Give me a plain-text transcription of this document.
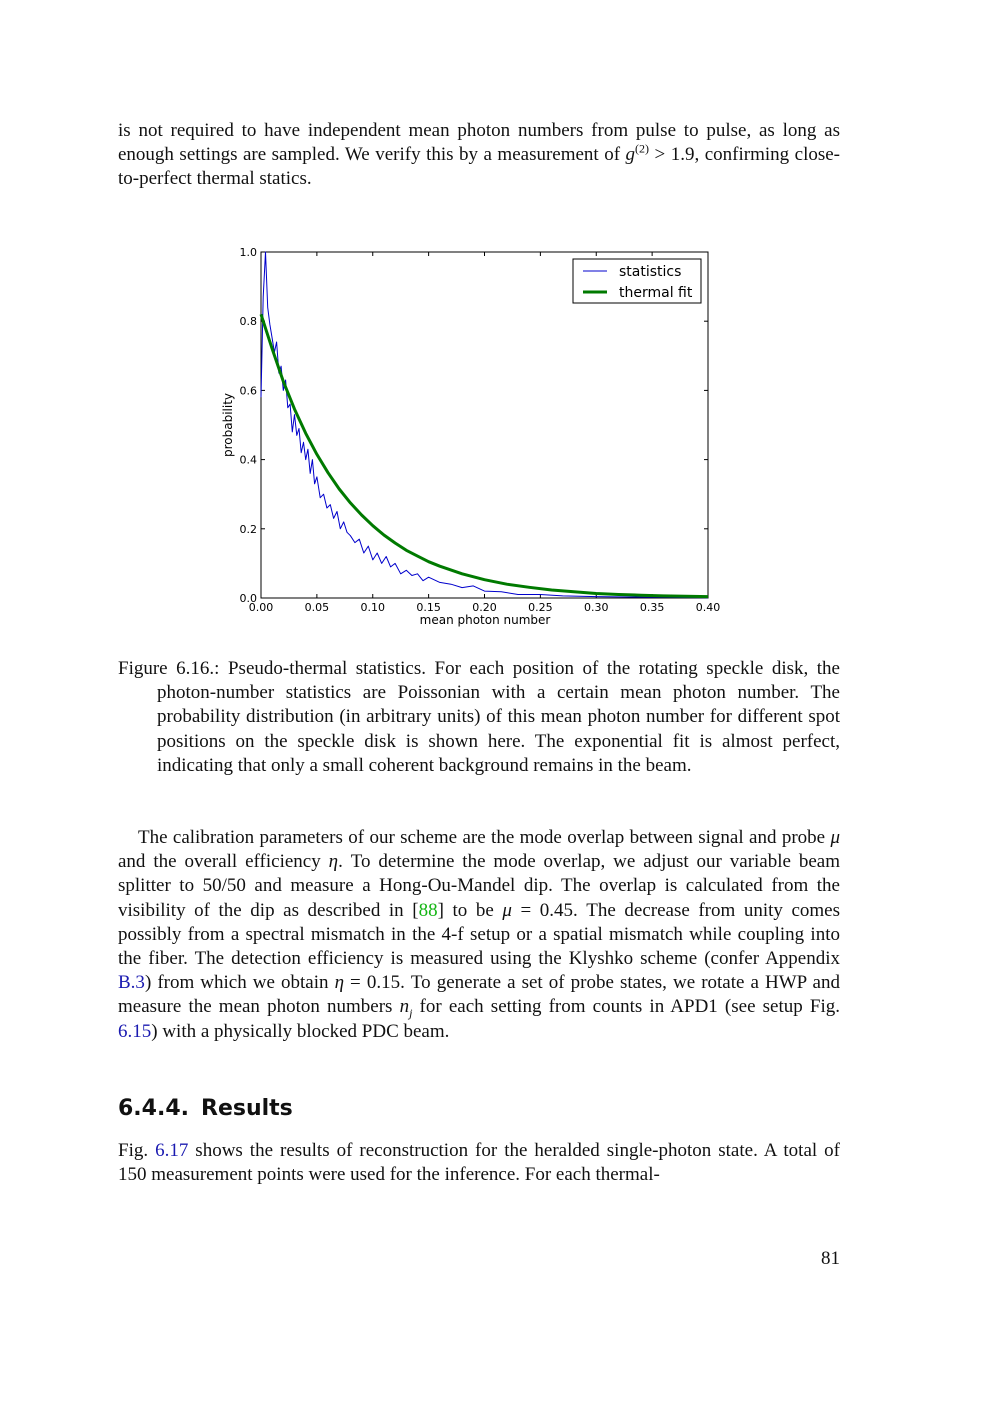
is not required to have independent mean photon numbers from pulse to pulse, as long as enough settings are sampled. We verify this by a measurement of $g^{(2)} > 1.9$, confirming close-to-perfect thermal statics.

0.00	0.05	0.10	0.15	0.20	0.25	0.30	0.35	0.40
0.0
0.2
0.4
0.6
0.8
1.0
statistics
thermal fit
mean photon number
probability

Figure 6.16.: Pseudo-thermal statistics. For each position of the rotating speckle disk, the photon-number statistics are Poissonian with a certain mean photon number. The probability distribution (in arbitrary units) of this mean photon number for different spot positions on the speckle disk is shown here. The exponential fit is almost perfect, indicating that only a small coherent background remains in the beam.

The calibration parameters of our scheme are the mode overlap between signal and probe μ and the overall efficiency η. To determine the mode overlap, we adjust our variable beam splitter to 50/50 and measure a Hong-Ou-Mandel dip. The overlap is calculated from the visibility of the dip as described in [88] to be μ = 0.45. The decrease from unity comes possibly from a spectral mismatch in the 4-f setup or a spatial mismatch while coupling into the fiber. The detection efficiency is measured using the Klyshko scheme (confer Appendix B.3) from which we obtain η = 0.15. To generate a set of probe states, we rotate a HWP and measure the mean photon numbers $n_j$ for each setting from counts in APD1 (see setup Fig. 6.15) with a physically blocked PDC beam.

6.4.4. Results

Fig. 6.17 shows the results of reconstruction for the heralded single-photon state. A total of 150 measurement points were used for the inference. For each thermal-

81
